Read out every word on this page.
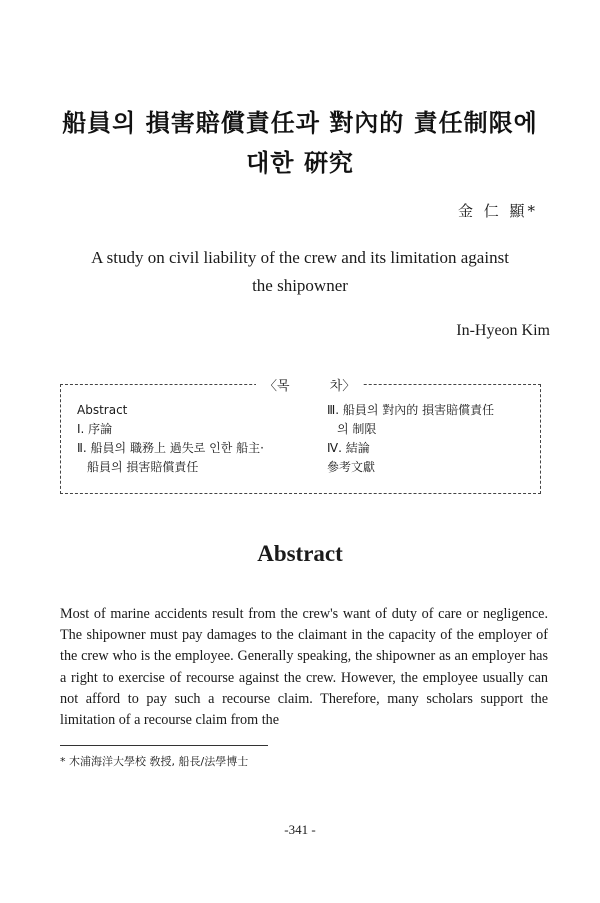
船員의 損害賠償責任과 對內的 責任制限에
대한 硏究
金 仁 顯*
A study on civil liability of the crew and its limitation against
the shipowner
In-Hyeon Kim
〈목 차〉
Abstract
Ⅰ. 序論
Ⅱ. 船員의 職務上 過失로 인한 船主·
船員의 損害賠償責任
Ⅲ. 船員의 對內的 損害賠償責任
의 制限
Ⅳ. 結論
參考文獻
Abstract
Most of marine accidents result from the crew's want of duty of care or negligence. The shipowner must pay damages to the claimant in the capacity of the employer of the crew who is the employee. Generally speaking, the shipowner as an employer has a right to exercise of recourse against the crew. However, the employee usually can not afford to pay such a recourse claim. Therefore, many scholars support the limitation of a recourse claim from the
* 木浦海洋大學校 敎授, 船長/法學博士
-341 -
